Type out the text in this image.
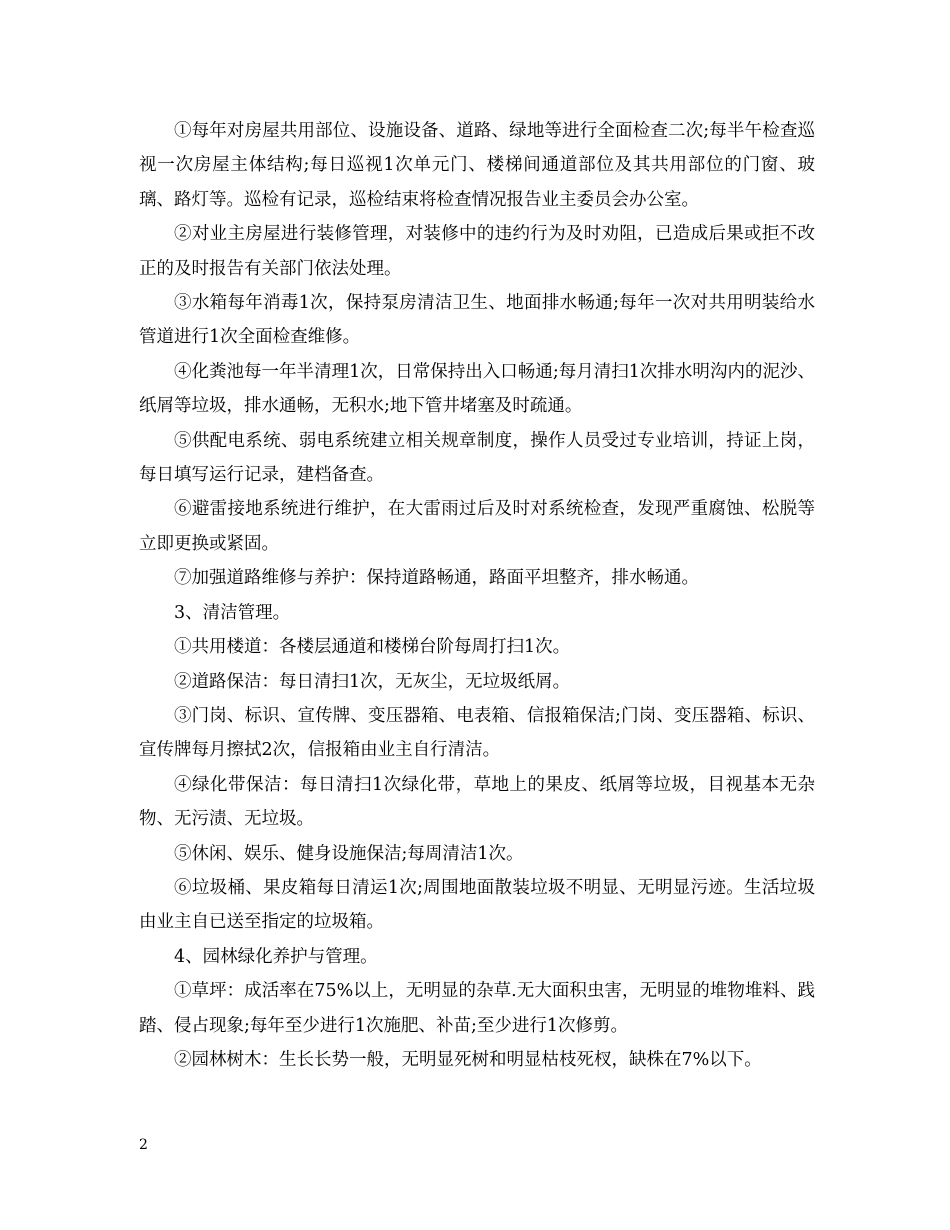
①每年对房屋共用部位、设施设备、道路、绿地等进行全面检查二次;每半午检查巡视一次房屋主体结构;每日巡视1次单元门、楼梯间通道部位及其共用部位的门窗、玻璃、路灯等。巡检有记录，巡检结束将检查情况报告业主委员会办公室。

②对业主房屋进行装修管理，对装修中的违约行为及时劝阻，已造成后果或拒不改正的及时报告有关部门依法处理。

③水箱每年消毒1次，保持泵房清洁卫生、地面排水畅通;每年一次对共用明装给水管道进行1次全面检查维修。

④化粪池每一年半清理1次，日常保持出入口畅通;每月清扫1次排水明沟内的泥沙、纸屑等垃圾，排水通畅，无积水;地下管井堵塞及时疏通。

⑤供配电系统、弱电系统建立相关规章制度，操作人员受过专业培训，持证上岗，每日填写运行记录，建档备查。

⑥避雷接地系统进行维护，在大雷雨过后及时对系统检查，发现严重腐蚀、松脱等立即更换或紧固。

⑦加强道路维修与养护：保持道路畅通，路面平坦整齐，排水畅通。

3、清洁管理。

①共用楼道：各楼层通道和楼梯台阶每周打扫1次。

②道路保洁：每日清扫1次，无灰尘，无垃圾纸屑。

③门岗、标识、宣传牌、变压器箱、电表箱、信报箱保洁;门岗、变压器箱、标识、宣传牌每月擦拭2次，信报箱由业主自行清洁。

④绿化带保洁：每日清扫1次绿化带，草地上的果皮、纸屑等垃圾，目视基本无杂物、无污渍、无垃圾。

⑤休闲、娱乐、健身设施保洁;每周清洁1次。

⑥垃圾桶、果皮箱每日清运1次;周围地面散装垃圾不明显、无明显污迹。生活垃圾由业主自已送至指定的垃圾箱。

4、园林绿化养护与管理。

①草坪：成活率在75%以上，无明显的杂草.无大面积虫害，无明显的堆物堆料、践踏、侵占现象;每年至少进行1次施肥、补苗;至少进行1次修剪。

②园林树木：生长长势一般，无明显死树和明显枯枝死杈，缺株在7%以下。

2
